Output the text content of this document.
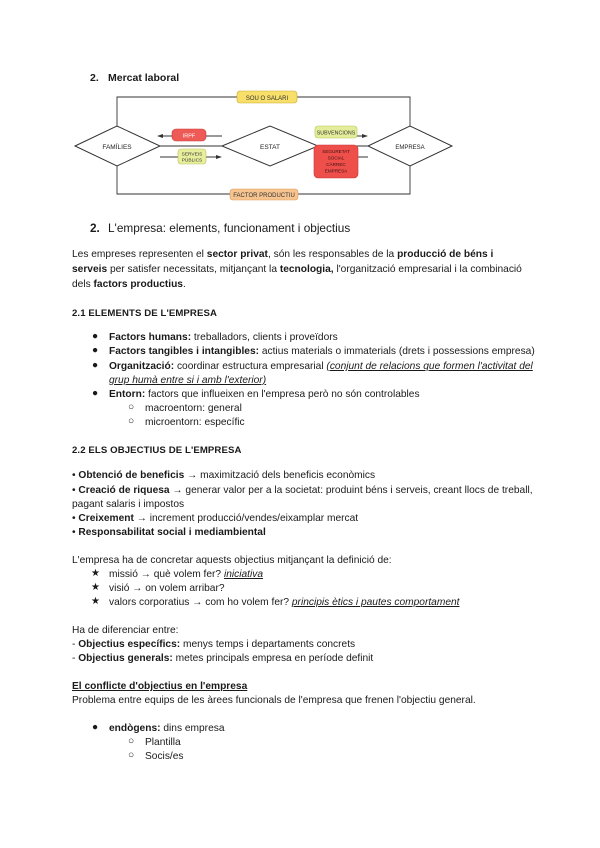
2. Mercat laboral
FAMÍLIES	ESTAT	EMPRESA
SOU O SALARI
FACTOR PRODUCTIU
IRPF
SERVEIS
PÚBLICS
SUBVENCIONS
SEGURETAT
SOCIAL
CÀRREC
EMPRESA
2. L'empresa: elements, funcionament i objectius
Les empreses representen el sector privat, són les responsables de la producció de béns i serveis per satisfer necessitats, mitjançant la tecnologia, l'organització empresarial i la combinació dels factors productius.
2.1 ELEMENTS DE L'EMPRESA
● Factors humans: treballadors, clients i proveïdors
● Factors tangibles i intangibles: actius materials o immaterials (drets i possessions empresa)
● Organització: coordinar estructura empresarial (conjunt de relacions que formen l'activitat del
grup humà entre si i amb l'exterior)
● Entorn: factors que influeixen en l'empresa però no són controlables
○ macroentorn: general
○ microentorn: específic
2.2 ELS OBJECTIUS DE L'EMPRESA
• Obtenció de beneficis → maximització dels beneficis econòmics
• Creació de riquesa → generar valor per a la societat: produint béns i serveis, creant llocs de treball,
pagant salaris i impostos
• Creixement → increment producció/vendes/eixamplar mercat
• Responsabilitat social i mediambiental
L'empresa ha de concretar aquests objectius mitjançant la definició de:
★ missió → què volem fer? iniciativa
★ visió → on volem arribar?
★ valors corporatius → com ho volem fer? principis ètics i pautes comportament
Ha de diferenciar entre:
- Objectius específics: menys temps i departaments concrets
- Objectius generals: metes principals empresa en període definit
El conflicte d'objectius en l'empresa
Problema entre equips de les àrees funcionals de l'empresa que frenen l'objectiu general.
● endògens: dins empresa
○ Plantilla
○ Socis/es
